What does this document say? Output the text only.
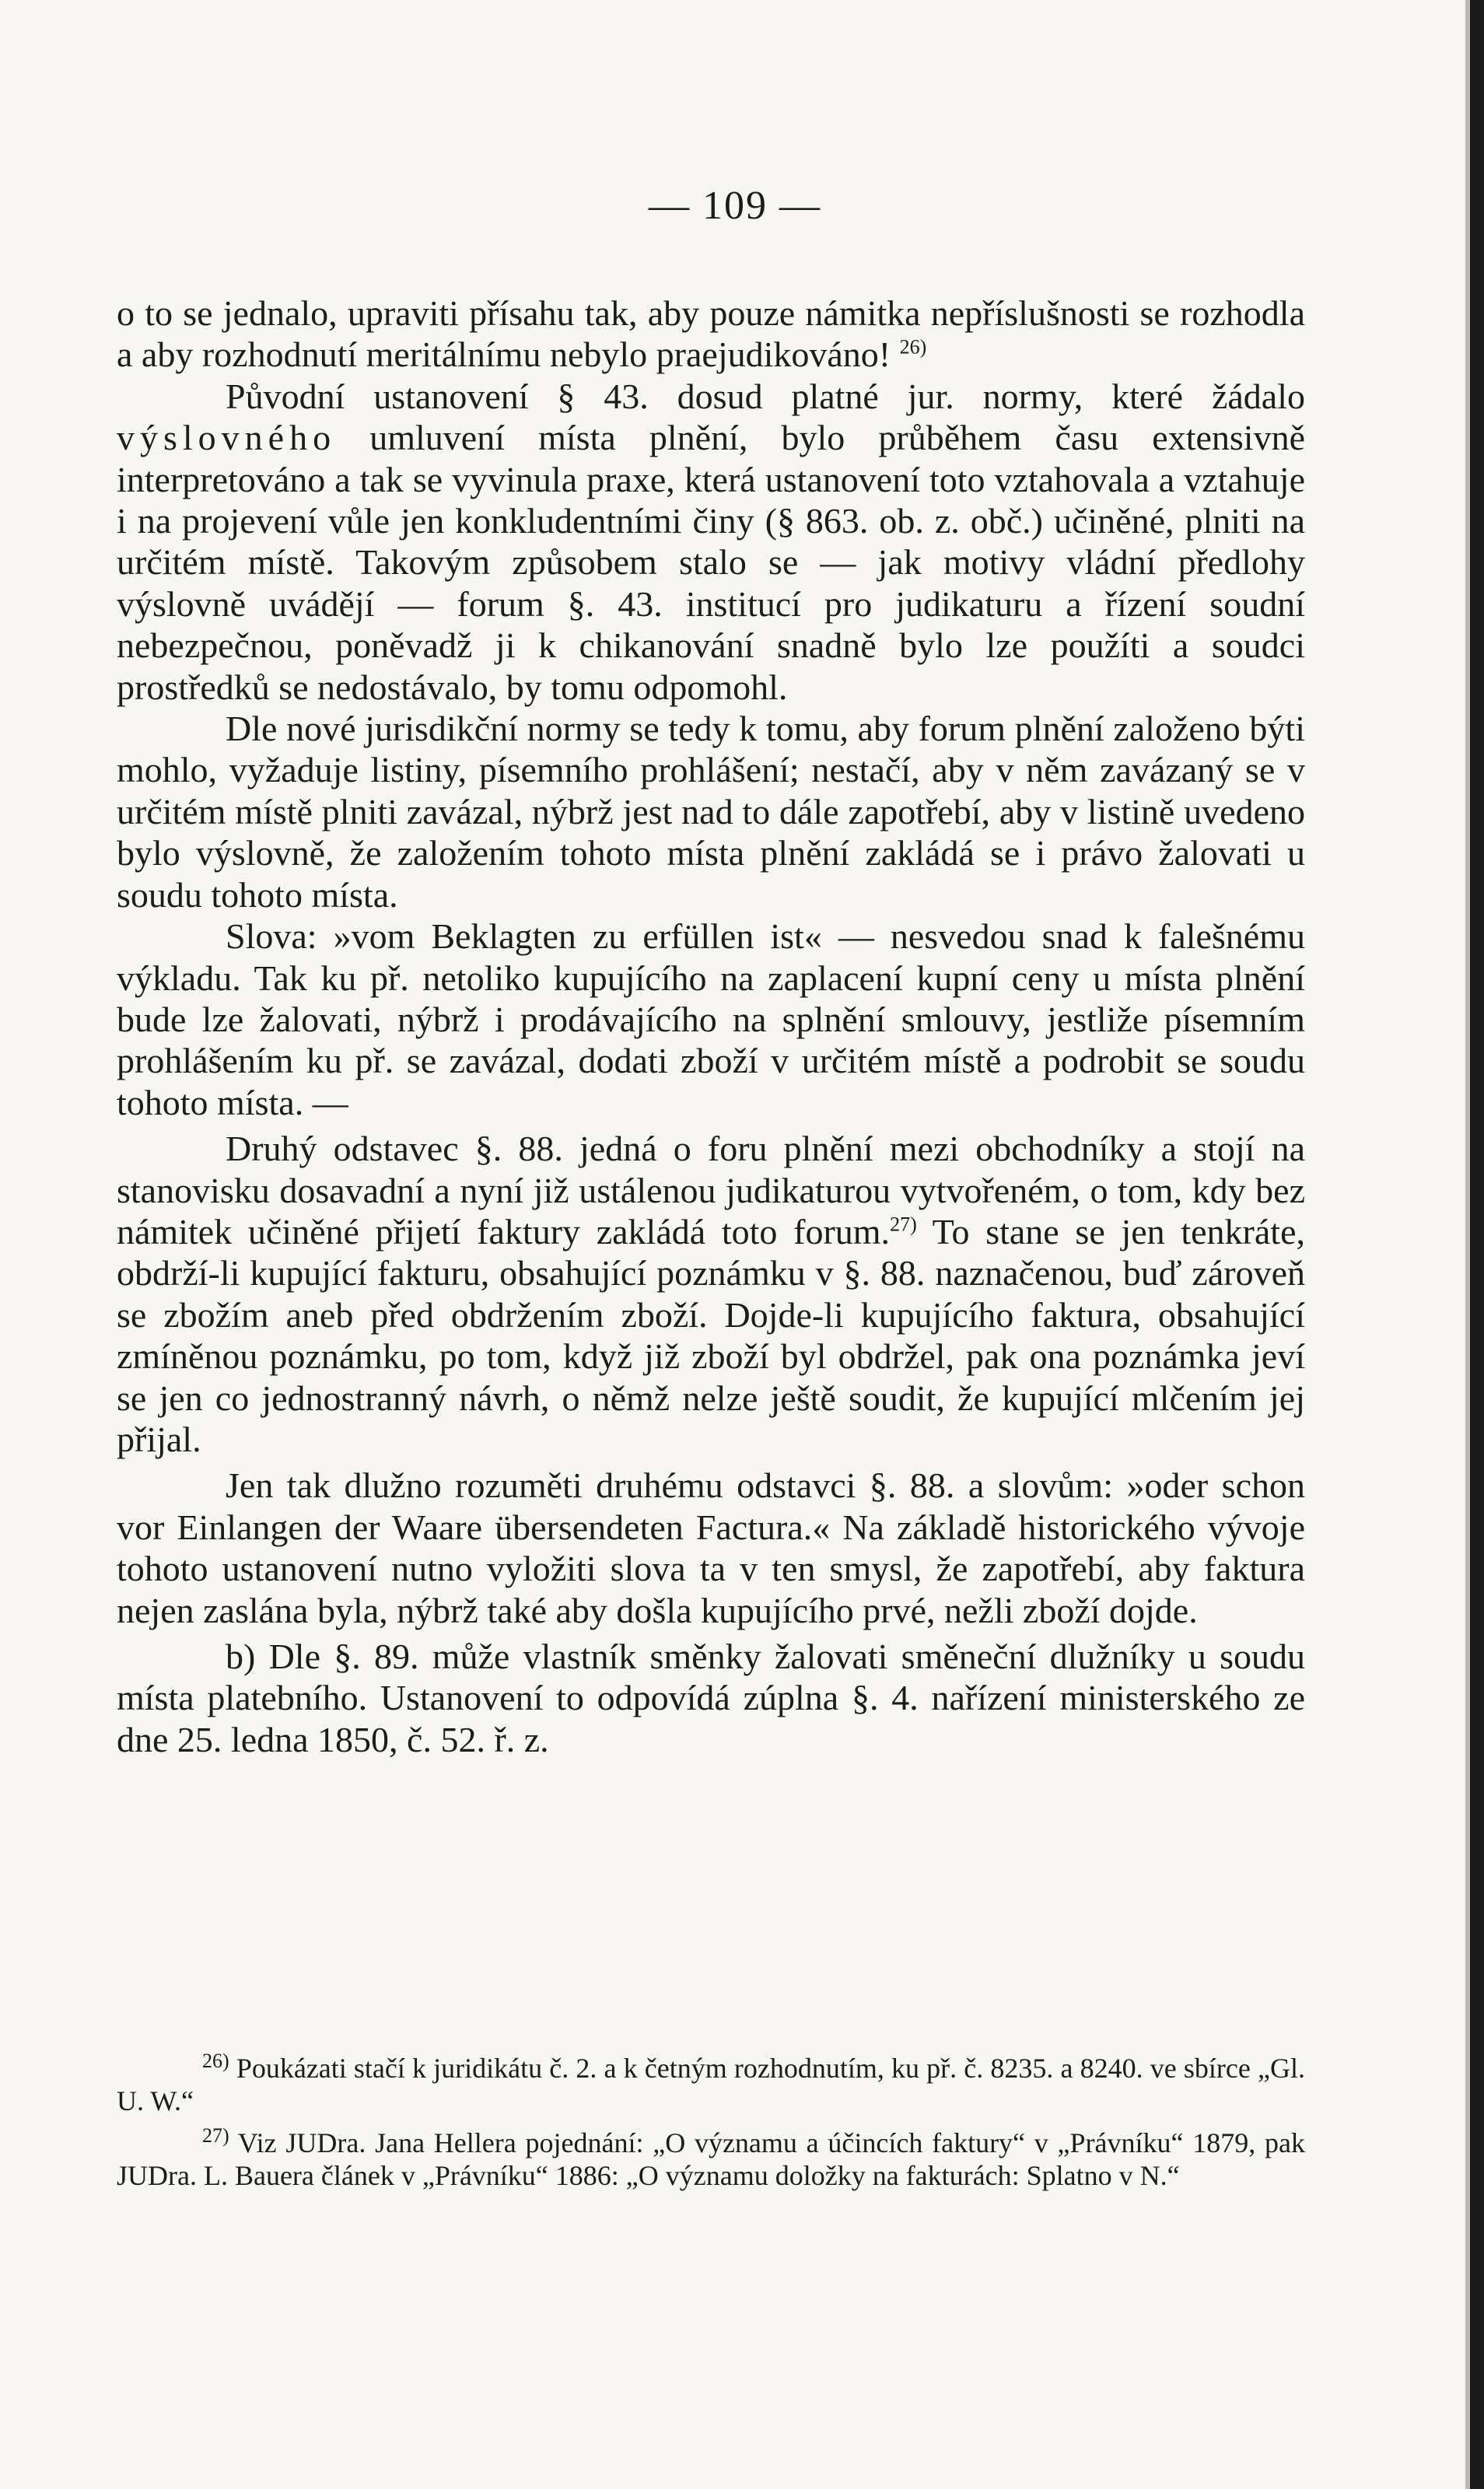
— 109 —

o to se jednalo, upraviti přísahu tak, aby pouze námitka nepříslušnosti se rozhodla a aby rozhodnutí meritálnímu nebylo praejudikováno! $^{26)}$

Původní ustanovení § 43. dosud platné jur. normy, které žádalo výslovného umluvení místa plnění, bylo průběhem času extensivně interpretováno a tak se vyvinula praxe, která ustanovení toto vztahovala a vztahuje i na projevení vůle jen konkludentními činy (§ 863. ob. z. obč.) učiněné, plniti na určitém místě. Takovým způsobem stalo se — jak motivy vládní předlohy výslovně uvádějí — forum §. 43. institucí pro judikaturu a řízení soudní nebezpečnou, poněvadž ji k chikanování snadně bylo lze použíti a soudci prostředků se nedostávalo, by tomu odpomohl.

Dle nové jurisdikční normy se tedy k tomu, aby forum plnění založeno býti mohlo, vyžaduje listiny, písemního prohlášení; nestačí, aby v něm zavázaný se v určitém místě plniti zavázal, nýbrž jest nad to dále zapotřebí, aby v listině uvedeno bylo výslovně, že založením tohoto místa plnění zakládá se i právo žalovati u soudu tohoto místa.

Slova: »vom Beklagten zu erfüllen ist« — nesvedou snad k falešnému výkladu. Tak ku př. netoliko kupujícího na zaplacení kupní ceny u místa plnění bude lze žalovati, nýbrž i prodávajícího na splnění smlouvy, jestliže písemním prohlášením ku př. se zavázal, dodati zboží v určitém místě a podrobit se soudu tohoto místa. —

Druhý odstavec §. 88. jedná o foru plnění mezi obchodníky a stojí na stanovisku dosavadní a nyní již ustálenou judikaturou vytvořeném, o tom, kdy bez námitek učiněné přijetí faktury zakládá toto forum.$^{27)}$ To stane se jen tenkráte, obdrží-li kupující fakturu, obsahující poznámku v §. 88. naznačenou, buď zároveň se zbožím aneb před obdržením zboží. Dojde-li kupujícího faktura, obsahující zmíněnou poznámku, po tom, když již zboží byl obdržel, pak ona poznámka jeví se jen co jednostranný návrh, o němž nelze ještě soudit, že kupující mlčením jej přijal.

Jen tak dlužno rozuměti druhému odstavci §. 88. a slovům: »oder schon vor Einlangen der Waare übersendeten Factura.« Na základě historického vývoje tohoto ustanovení nutno vyložiti slova ta v ten smysl, že zapotřebí, aby faktura nejen zaslána byla, nýbrž také aby došla kupujícího prvé, nežli zboží dojde.

b) Dle §. 89. může vlastník směnky žalovati směneční dlužníky u soudu místa platebního. Ustanovení to odpovídá zúplna §. 4. nařízení ministerského ze dne 25. ledna 1850, č. 52. ř. z.

$^{26)}$ Poukázati stačí k juridikátu č. 2. a k četným rozhodnutím, ku př. č. 8235. a 8240. ve sbírce „Gl. U. W.“

$^{27)}$ Viz JUDra. Jana Hellera pojednání: „O významu a účincích faktury“ v „Právníku“ 1879, pak JUDra. L. Bauera článek v „Právníku“ 1886: „O významu doložky na fakturách: Splatno v N.“
